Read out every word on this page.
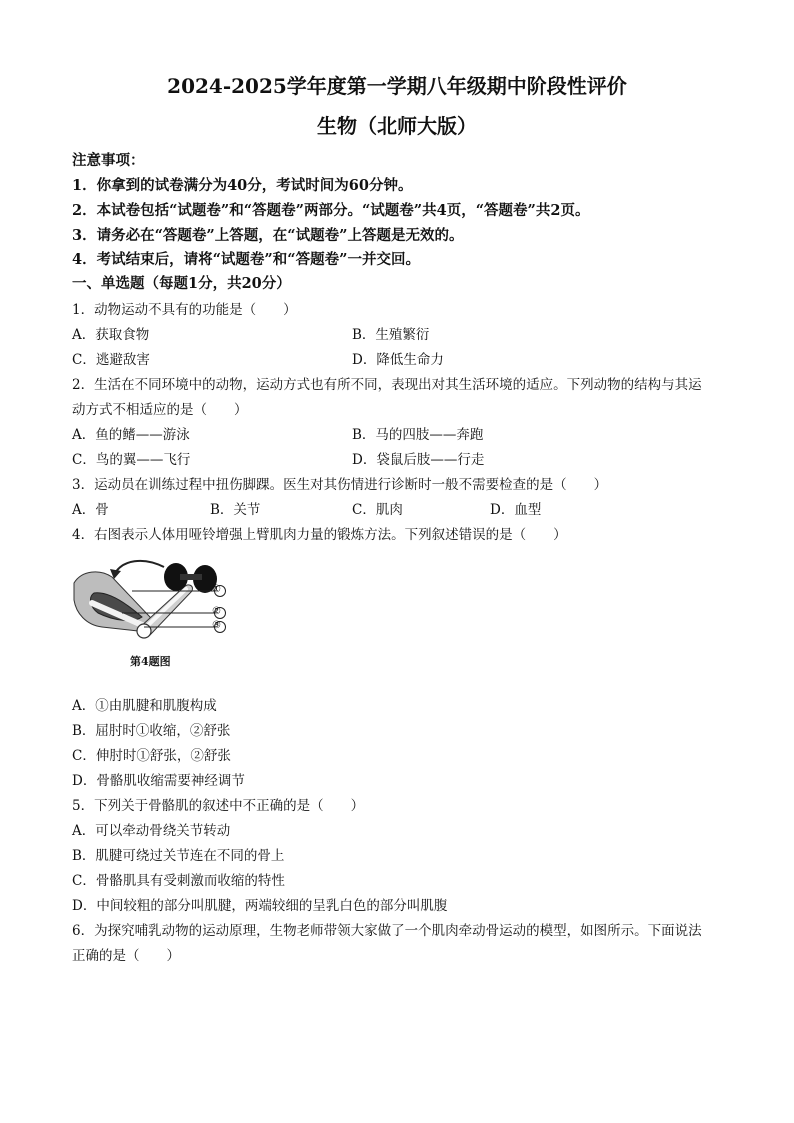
2024-2025学年度第一学期八年级期中阶段性评价
生物（北师大版）
注意事项：
1．你拿到的试卷满分为40分，考试时间为60分钟。
2．本试卷包括“试题卷”和“答题卷”两部分。“试题卷”共4页，“答题卷”共2页。
3．请务必在“答题卷”上答题，在“试题卷”上答题是无效的。
4．考试结束后，请将“试题卷”和“答题卷”一并交回。
一、单选题（每题1分，共20分）
1．动物运动不具有的功能是（　　）
A．获取食物	B．生殖繁衍
C．逃避敌害	D．降低生命力
2．生活在不同环境中的动物，运动方式也有所不同，表现出对其生活环境的适应。下列动物的结构与其运
动方式不相适应的是（　　）
A．鱼的鳍——游泳	B．马的四肢——奔跑
C．鸟的翼——飞行	D．袋鼠后肢——行走
3．运动员在训练过程中扭伤脚踝。医生对其伤情进行诊断时一般不需要检查的是（　　）
A．骨	B．关节	C．肌肉	D．血型
4．右图表示人体用哑铃增强上臂肌肉力量的锻炼方法。下列叙述错误的是（　　）
①
②
③
第4题图
A．①由肌腱和肌腹构成
B．屈肘时①收缩，②舒张
C．伸肘时①舒张，②舒张
D．骨骼肌收缩需要神经调节
5．下列关于骨骼肌的叙述中不正确的是（　　）
A．可以牵动骨绕关节转动
B．肌腱可绕过关节连在不同的骨上
C．骨骼肌具有受刺激而收缩的特性
D．中间较粗的部分叫肌腱，两端较细的呈乳白色的部分叫肌腹
6．为探究哺乳动物的运动原理，生物老师带领大家做了一个肌肉牵动骨运动的模型，如图所示。下面说法
正确的是（　　）
